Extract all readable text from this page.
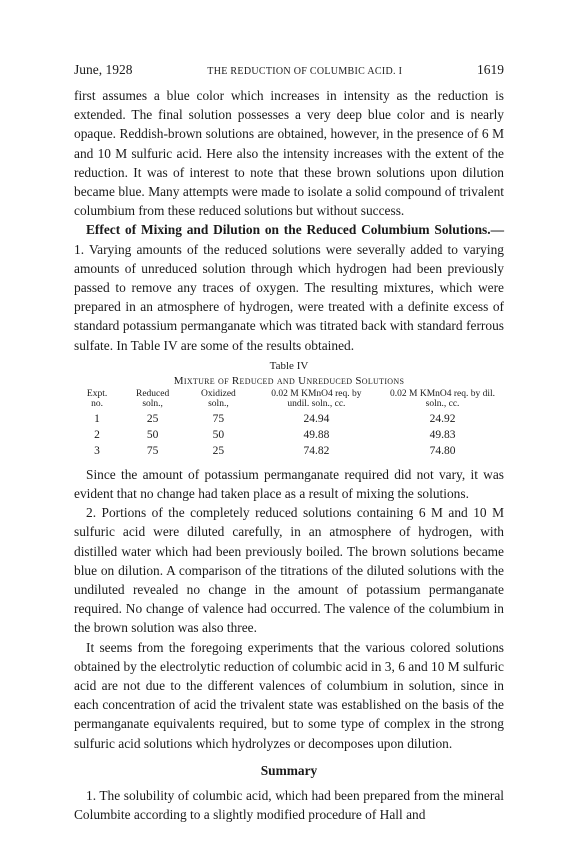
June, 1928	THE REDUCTION OF COLUMBIC ACID. I	1619

first assumes a blue color which increases in intensity as the reduction is extended. The final solution possesses a very deep blue color and is nearly opaque. Reddish-brown solutions are obtained, however, in the presence of 6 M and 10 M sulfuric acid. Here also the intensity increases with the extent of the reduction. It was of interest to note that these brown solutions upon dilution became blue. Many attempts were made to isolate a solid compound of trivalent columbium from these reduced solutions but without success.

Effect of Mixing and Dilution on the Reduced Columbium Solutions.— 1. Varying amounts of the reduced solutions were severally added to varying amounts of unreduced solution through which hydrogen had been previously passed to remove any traces of oxygen. The resulting mixtures, which were prepared in an atmosphere of hydrogen, were treated with a definite excess of standard potassium permanganate which was titrated back with standard ferrous sulfate. In Table IV are some of the results obtained.

Table IV
Mixture of Reduced and Unreduced Solutions
Expt. no.	Reduced soln.,	Oxidized soln.,	0.02 M KMnO4 req. by undil. soln., cc.	0.02 M KMnO4 req. by dil. soln., cc.
1	25	75	24.94	24.92
2	50	50	49.88	49.83
3	75	25	74.82	74.80

Since the amount of potassium permanganate required did not vary, it was evident that no change had taken place as a result of mixing the solutions.

2. Portions of the completely reduced solutions containing 6 M and 10 M sulfuric acid were diluted carefully, in an atmosphere of hydrogen, with distilled water which had been previously boiled. The brown solutions became blue on dilution. A comparison of the titrations of the diluted solutions with the undiluted revealed no change in the amount of potassium permanganate required. No change of valence had occurred. The valence of the columbium in the brown solution was also three.

It seems from the foregoing experiments that the various colored solutions obtained by the electrolytic reduction of columbic acid in 3, 6 and 10 M sulfuric acid are not due to the different valences of columbium in solution, since in each concentration of acid the trivalent state was established on the basis of the permanganate equivalents required, but to some type of complex in the strong sulfuric acid solutions which hydrolyzes or decomposes upon dilution.

Summary

1. The solubility of columbic acid, which had been prepared from the mineral Columbite according to a slightly modified procedure of Hall and
